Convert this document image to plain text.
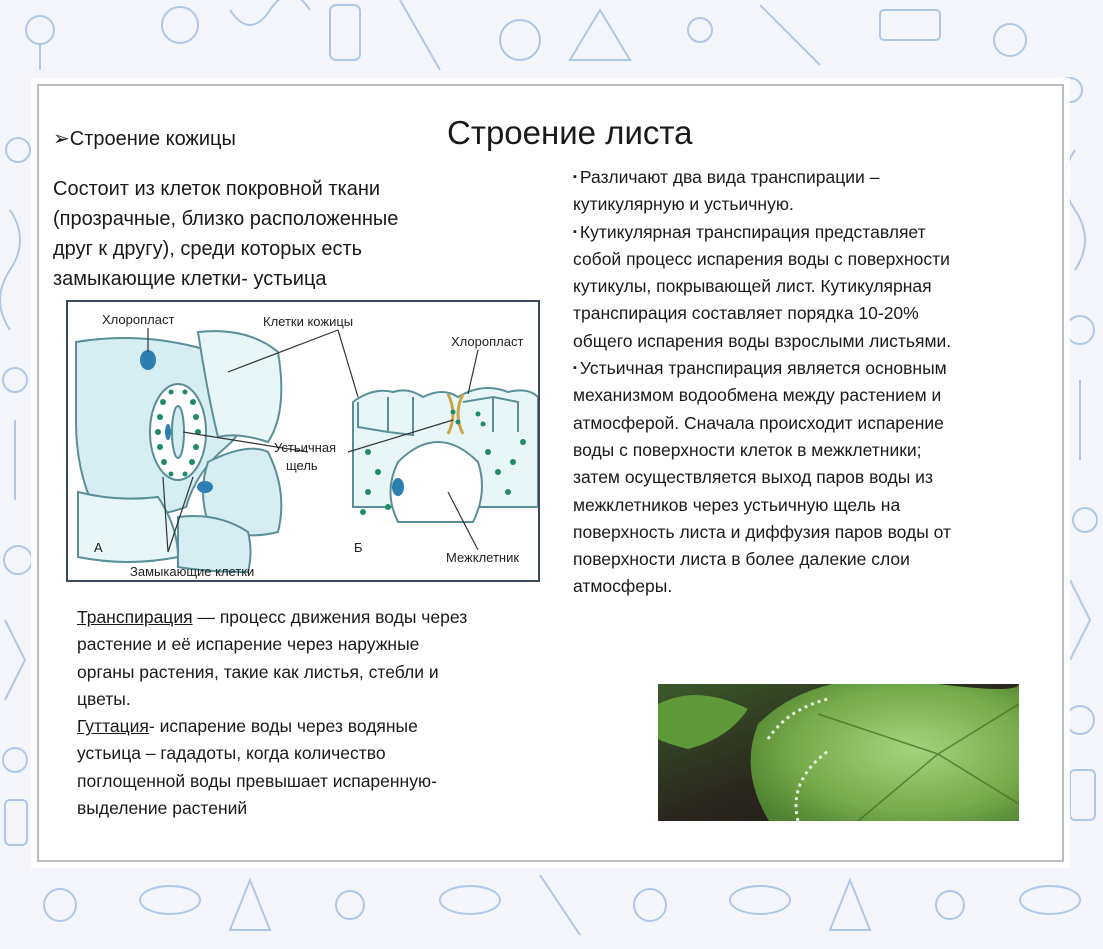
Строение листа
➢Строение кожицы
Состоит из клеток покровной ткани
(прозрачные, близко расположенные
друг к другу), среди которых есть
замыкающие клетки- устьица

▪ Различают два вида транспирации –
кутикулярную и устьичную.

▪ Кутикулярная транспирация представляет
собой процесс испарения воды с поверхности
кутикулы, покрывающей лист. Кутикулярная
транспирация составляет порядка 10-20%
общего испарения воды взрослыми листьями.

▪ Устьичная транспирация является основным
механизмом водообмена между растением и
атмосферой. Сначала происходит испарение
воды с поверхности клеток в межклетники;
затем осуществляется выход паров воды из
межклетников через устьичную щель на
поверхность листа и диффузия паров воды от
поверхности листа в более далекие слои
атмосферы.

Хлоропласт	Клетки кожицы
Хлоропласт
Устьичная
щель
А	Б
Замыкающие клетки
Межклетник

Транспирация — процесс движения воды через
растение и её испарение через наружные
органы растения, такие как листья, стебли и
цветы.

Гуттация- испарение воды через водяные
устьица – гададоты, когда количество
поглощенной воды превышает испаренную-
выделение растений
